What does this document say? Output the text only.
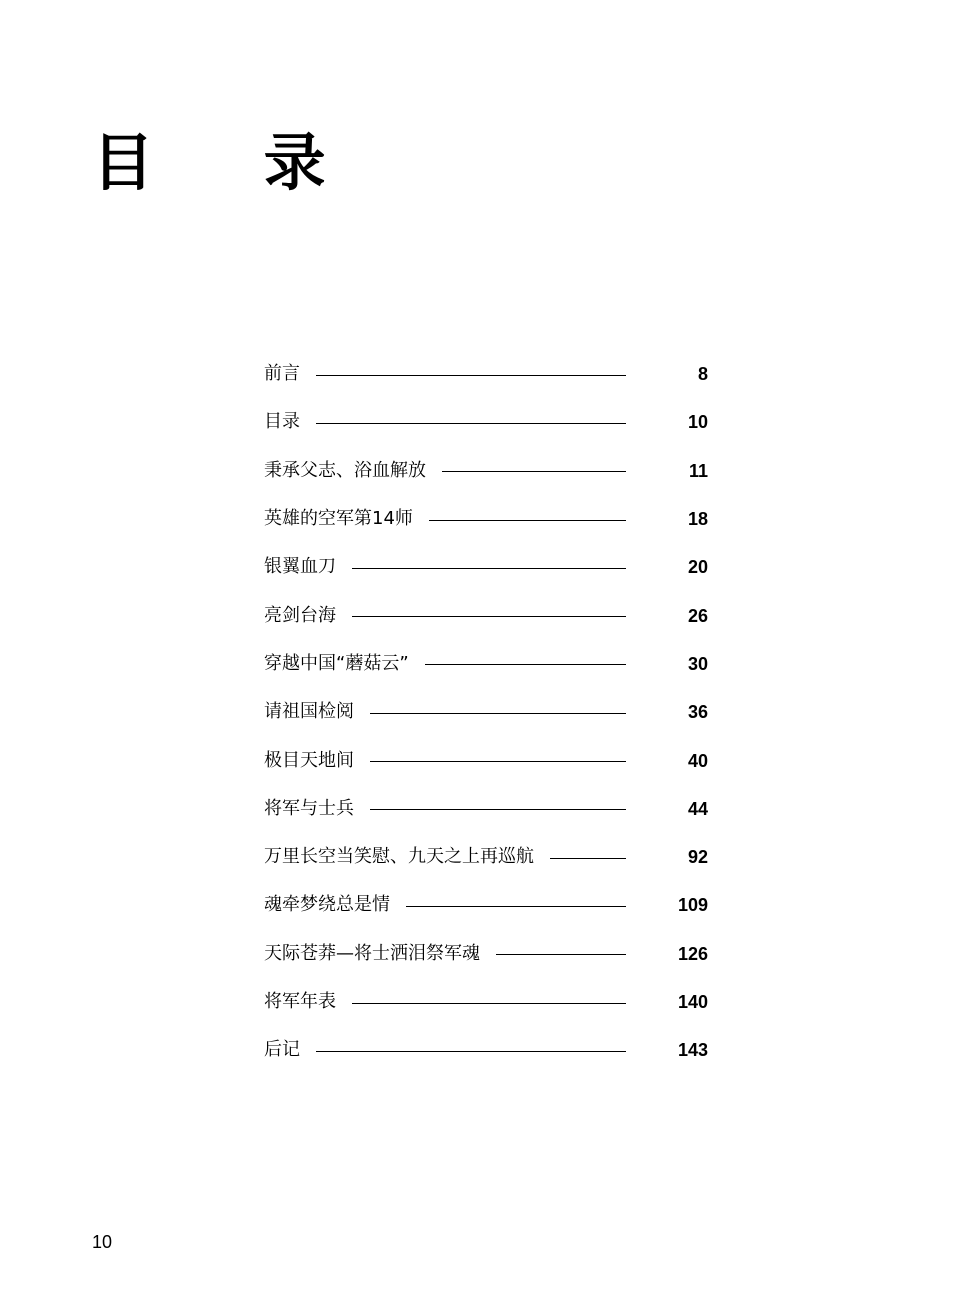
目 录
前言	8
目录	10
秉承父志、浴血解放	11
英雄的空军第14师	18
银翼血刀	20
亮剑台海	26
穿越中国“蘑菇云”	30
请祖国检阅	36
极目天地间	40
将军与士兵	44
万里长空当笑慰、九天之上再巡航	92
魂牵梦绕总是情	109
天际苍莽—将士洒泪祭军魂	126
将军年表	140
后记	143
10
